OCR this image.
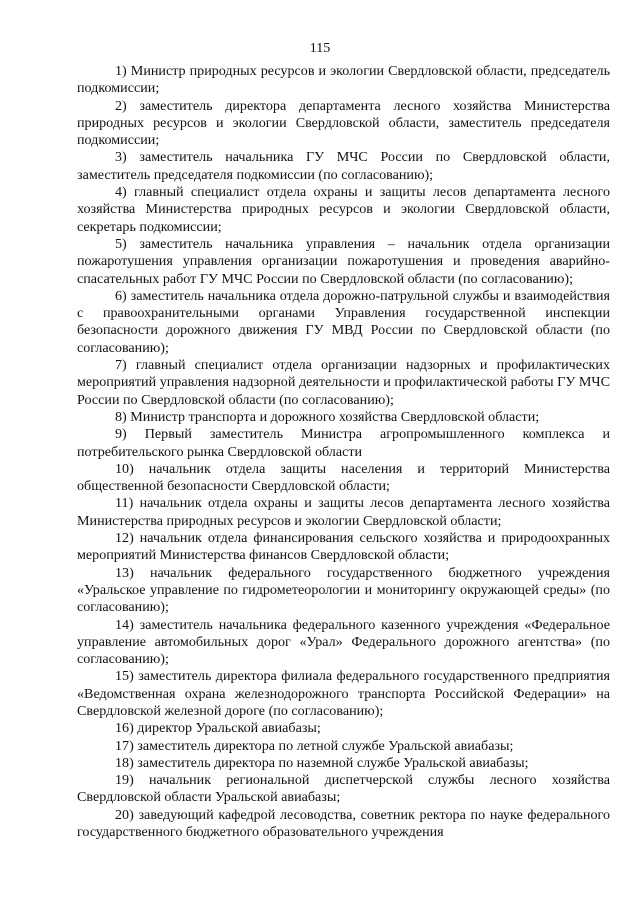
115

1) Министр природных ресурсов и экологии Свердловской области, председатель подкомиссии;

2) заместитель директора департамента лесного хозяйства Министерства природных ресурсов и экологии Свердловской области, заместитель председателя подкомиссии;

3) заместитель начальника ГУ МЧС России по Свердловской области, заместитель председателя подкомиссии (по согласованию);

4) главный специалист отдела охраны и защиты лесов департамента лесного хозяйства Министерства природных ресурсов и экологии Свердловской области, секретарь подкомиссии;

5) заместитель начальника управления – начальник отдела организации пожаротушения управления организации пожаротушения и проведения аварийно-спасательных работ ГУ МЧС России по Свердловской области (по согласованию);

6) заместитель начальника отдела дорожно-патрульной службы и взаимодействия с правоохранительными органами Управления государственной инспекции безопасности дорожного движения ГУ МВД России по Свердловской области (по согласованию);

7) главный специалист отдела организации надзорных и профилактических мероприятий управления надзорной деятельности и профилактической работы ГУ МЧС России по Свердловской области (по согласованию);

8) Министр транспорта и дорожного хозяйства Свердловской области;

9) Первый заместитель Министра агропромышленного комплекса и потребительского рынка Свердловской области

10) начальник отдела защиты населения и территорий Министерства общественной безопасности Свердловской области;

11) начальник отдела охраны и защиты лесов департамента лесного хозяйства Министерства природных ресурсов и экологии Свердловской области;

12) начальник отдела финансирования сельского хозяйства и природоохранных мероприятий Министерства финансов Свердловской области;

13) начальник федерального государственного бюджетного учреждения «Уральское управление по гидрометеорологии и мониторингу окружающей среды» (по согласованию);

14) заместитель начальника федерального казенного учреждения «Федеральное управление автомобильных дорог «Урал» Федерального дорожного агентства» (по согласованию);

15) заместитель директора филиала федерального государственного предприятия «Ведомственная охрана железнодорожного транспорта Российской Федерации» на Свердловской железной дороге (по согласованию);

16) директор Уральской авиабазы;

17) заместитель директора по летной службе Уральской авиабазы;

18) заместитель директора по наземной службе Уральской авиабазы;

19) начальник региональной диспетчерской службы лесного хозяйства Свердловской области Уральской авиабазы;

20) заведующий кафедрой лесоводства, советник ректора по науке федерального государственного бюджетного образовательного учреждения
